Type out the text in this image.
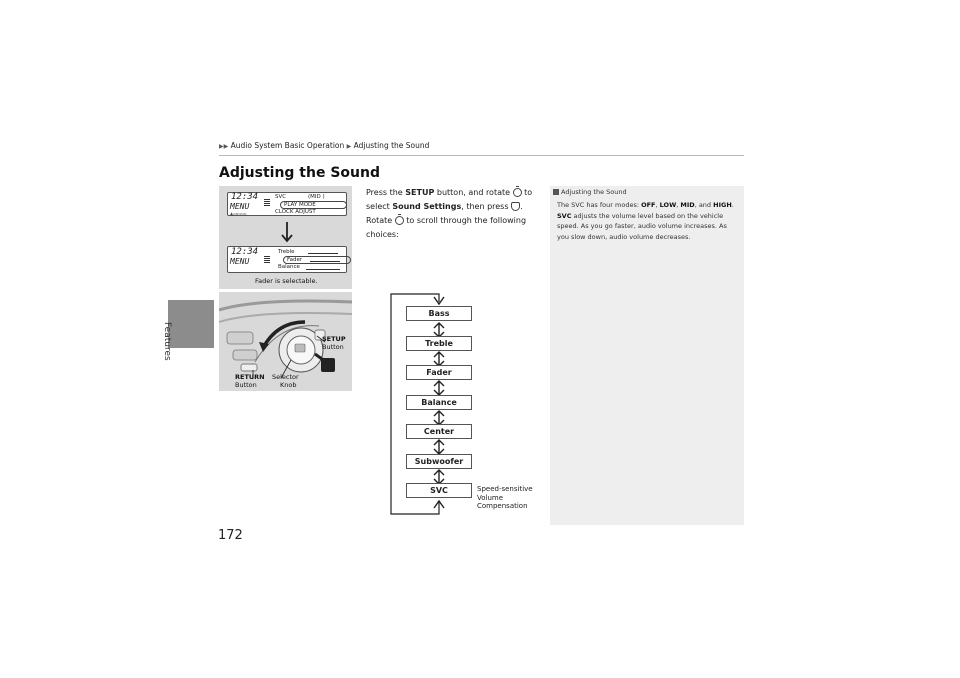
▶▶ Audio System Basic Operation ▶ Adjusting the Sound
Adjusting the Sound
Features
172
12:34
MENU
▲▫▫▫▫▫
SVC	(MID )
PLAY MODE
CLOCK ADJUST
12:34
MENU
Treble
Fader
Balance
Fader is selectable.
SETUP
Button
RETURN
Button
Selector
Knob
Press the SETUP button, and rotate  to select Sound Settings, then press . Rotate  to scroll through the following choices:
Bass
Treble
Fader
Balance
Center
Subwoofer
SVC	Speed-sensitive
Volume
Compensation
Adjusting the Sound
The SVC has four modes: OFF, LOW, MID, and HIGH.
SVC adjusts the volume level based on the vehicle speed. As you go faster, audio volume increases. As you slow down, audio volume decreases.
